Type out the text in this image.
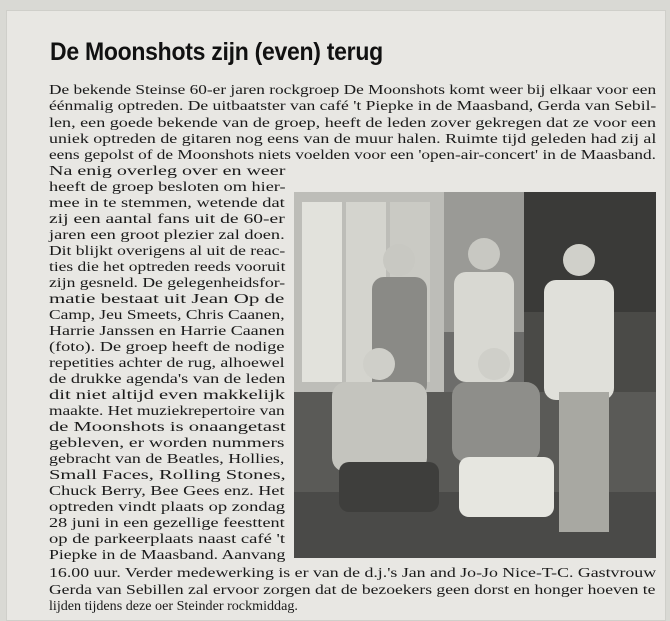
De Moonshots zijn (even) terug
De bekende Steinse 60-er jaren rockgroep De Moonshots komt weer bij elkaar voor een
éénmalig optreden. De uitbaatster van café 't Piepke in de Maasband, Gerda van Sebil-
len, een goede bekende van de groep, heeft de leden zover gekregen dat ze voor een
uniek optreden de gitaren nog eens van de muur halen. Ruimte tijd geleden had zij al
eens gepolst of de Moonshots niets voelden voor een 'open-air-concert' in de Maasband.
Na enig overleg over en weer
heeft de groep besloten om hier-
mee in te stemmen, wetende dat
zij een aantal fans uit de 60-er
jaren een groot plezier zal doen.
Dit blijkt overigens al uit de reac-
ties die het optreden reeds vooruit
zijn gesneld. De gelegenheidsfor-
matie bestaat uit Jean Op de
Camp, Jeu Smeets, Chris Caanen,
Harrie Janssen en Harrie Caanen
(foto). De groep heeft de nodige
repetities achter de rug, alhoewel
de drukke agenda's van de leden
dit niet altijd even makkelijk
maakte. Het muziekrepertoire van
de Moonshots is onaangetast
gebleven, er worden nummers
gebracht van de Beatles, Hollies,
Small Faces, Rolling Stones,
Chuck Berry, Bee Gees enz. Het
optreden vindt plaats op zondag
28 juni in een gezellige feesttent
op de parkeerplaats naast café 't
Piepke in de Maasband. Aanvang
16.00 uur. Verder medewerking is er van de d.j.'s Jan and Jo-Jo Nice-T-C. Gastvrouw
Gerda van Sebillen zal ervoor zorgen dat de bezoekers geen dorst en honger hoeven te
lijden tijdens deze oer Steinder rockmiddag.
